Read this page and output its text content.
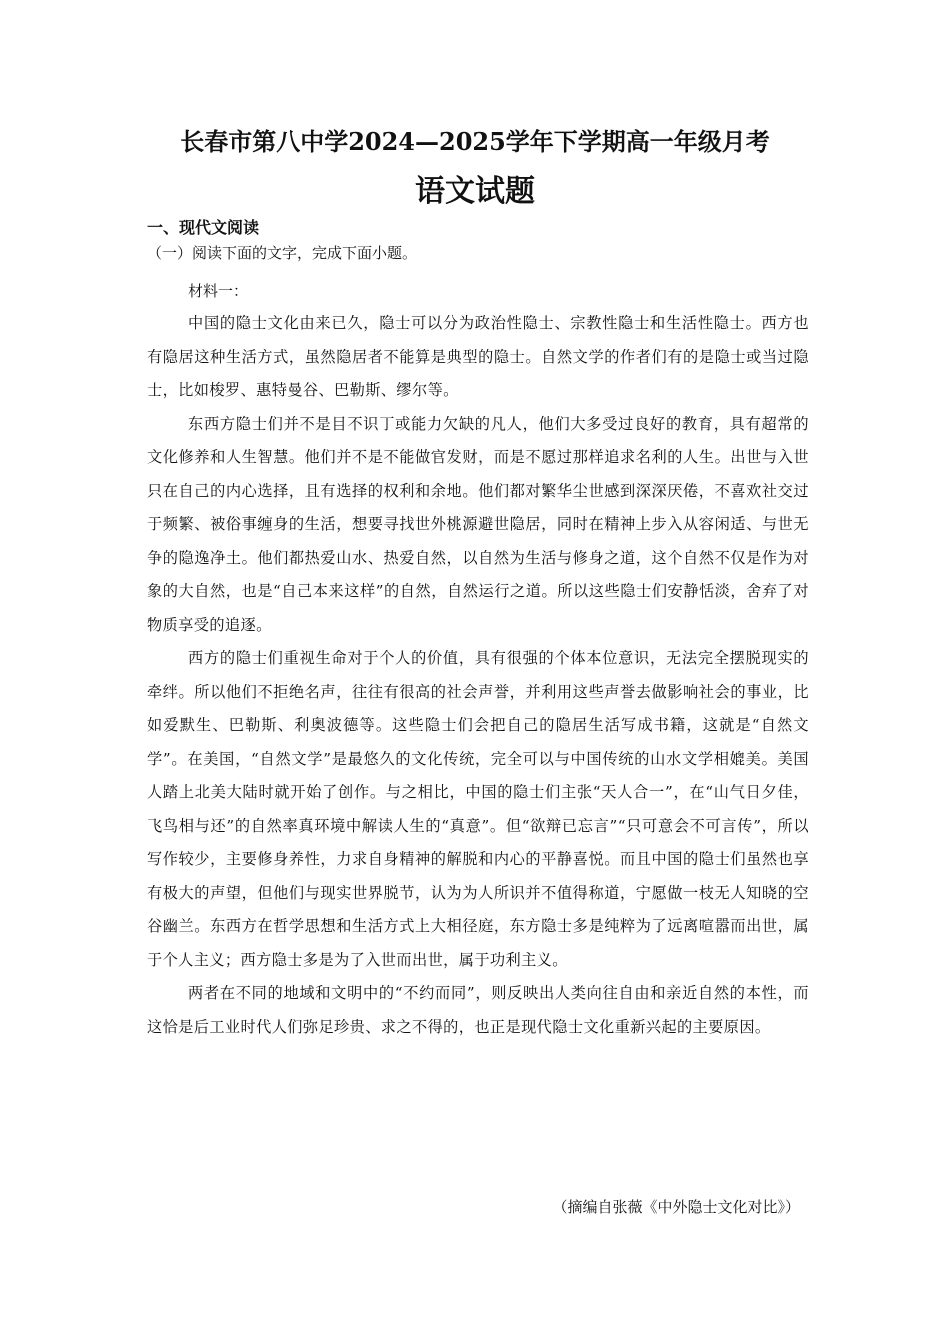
长春市第八中学2024—2025学年下学期高一年级月考
语文试题
一、现代文阅读
（一）阅读下面的文字，完成下面小题。
材料一：

中国的隐士文化由来已久，隐士可以分为政治性隐士、宗教性隐士和生活性隐士。西方也有隐居这种生活方式，虽然隐居者不能算是典型的隐士。自然文学的作者们有的是隐士或当过隐士，比如梭罗、惠特曼谷、巴勒斯、缪尔等。

东西方隐士们并不是目不识丁或能力欠缺的凡人，他们大多受过良好的教育，具有超常的文化修养和人生智慧。他们并不是不能做官发财，而是不愿过那样追求名利的人生。出世与入世只在自己的内心选择，且有选择的权利和余地。他们都对繁华尘世感到深深厌倦，不喜欢社交过于频繁、被俗事缠身的生活，想要寻找世外桃源避世隐居，同时在精神上步入从容闲适、与世无争的隐逸净土。他们都热爱山水、热爱自然，以自然为生活与修身之道，这个自然不仅是作为对象的大自然，也是“自己本来这样”的自然，自然运行之道。所以这些隐士们安静恬淡，舍弃了对物质享受的追逐。

西方的隐士们重视生命对于个人的价值，具有很强的个体本位意识，无法完全摆脱现实的牵绊。所以他们不拒绝名声，往往有很高的社会声誉，并利用这些声誉去做影响社会的事业，比如爱默生、巴勒斯、利奥波德等。这些隐士们会把自己的隐居生活写成书籍，这就是“自然文学”。在美国，“自然文学”是最悠久的文化传统，完全可以与中国传统的山水文学相媲美。美国人踏上北美大陆时就开始了创作。与之相比，中国的隐士们主张“天人合一”，在“山气日夕佳，飞鸟相与还”的自然率真环境中解读人生的“真意”。但“欲辩已忘言”“只可意会不可言传”，所以写作较少，主要修身养性，力求自身精神的解脱和内心的平静喜悦。而且中国的隐士们虽然也享有极大的声望，但他们与现实世界脱节，认为为人所识并不值得称道，宁愿做一枝无人知晓的空谷幽兰。东西方在哲学思想和生活方式上大相径庭，东方隐士多是纯粹为了远离喧嚣而出世，属于个人主义；西方隐士多是为了入世而出世，属于功利主义。

两者在不同的地域和文明中的“不约而同”，则反映出人类向往自由和亲近自然的本性，而这恰是后工业时代人们弥足珍贵、求之不得的，也正是现代隐士文化重新兴起的主要原因。

（摘编自张薇《中外隐士文化对比》）
